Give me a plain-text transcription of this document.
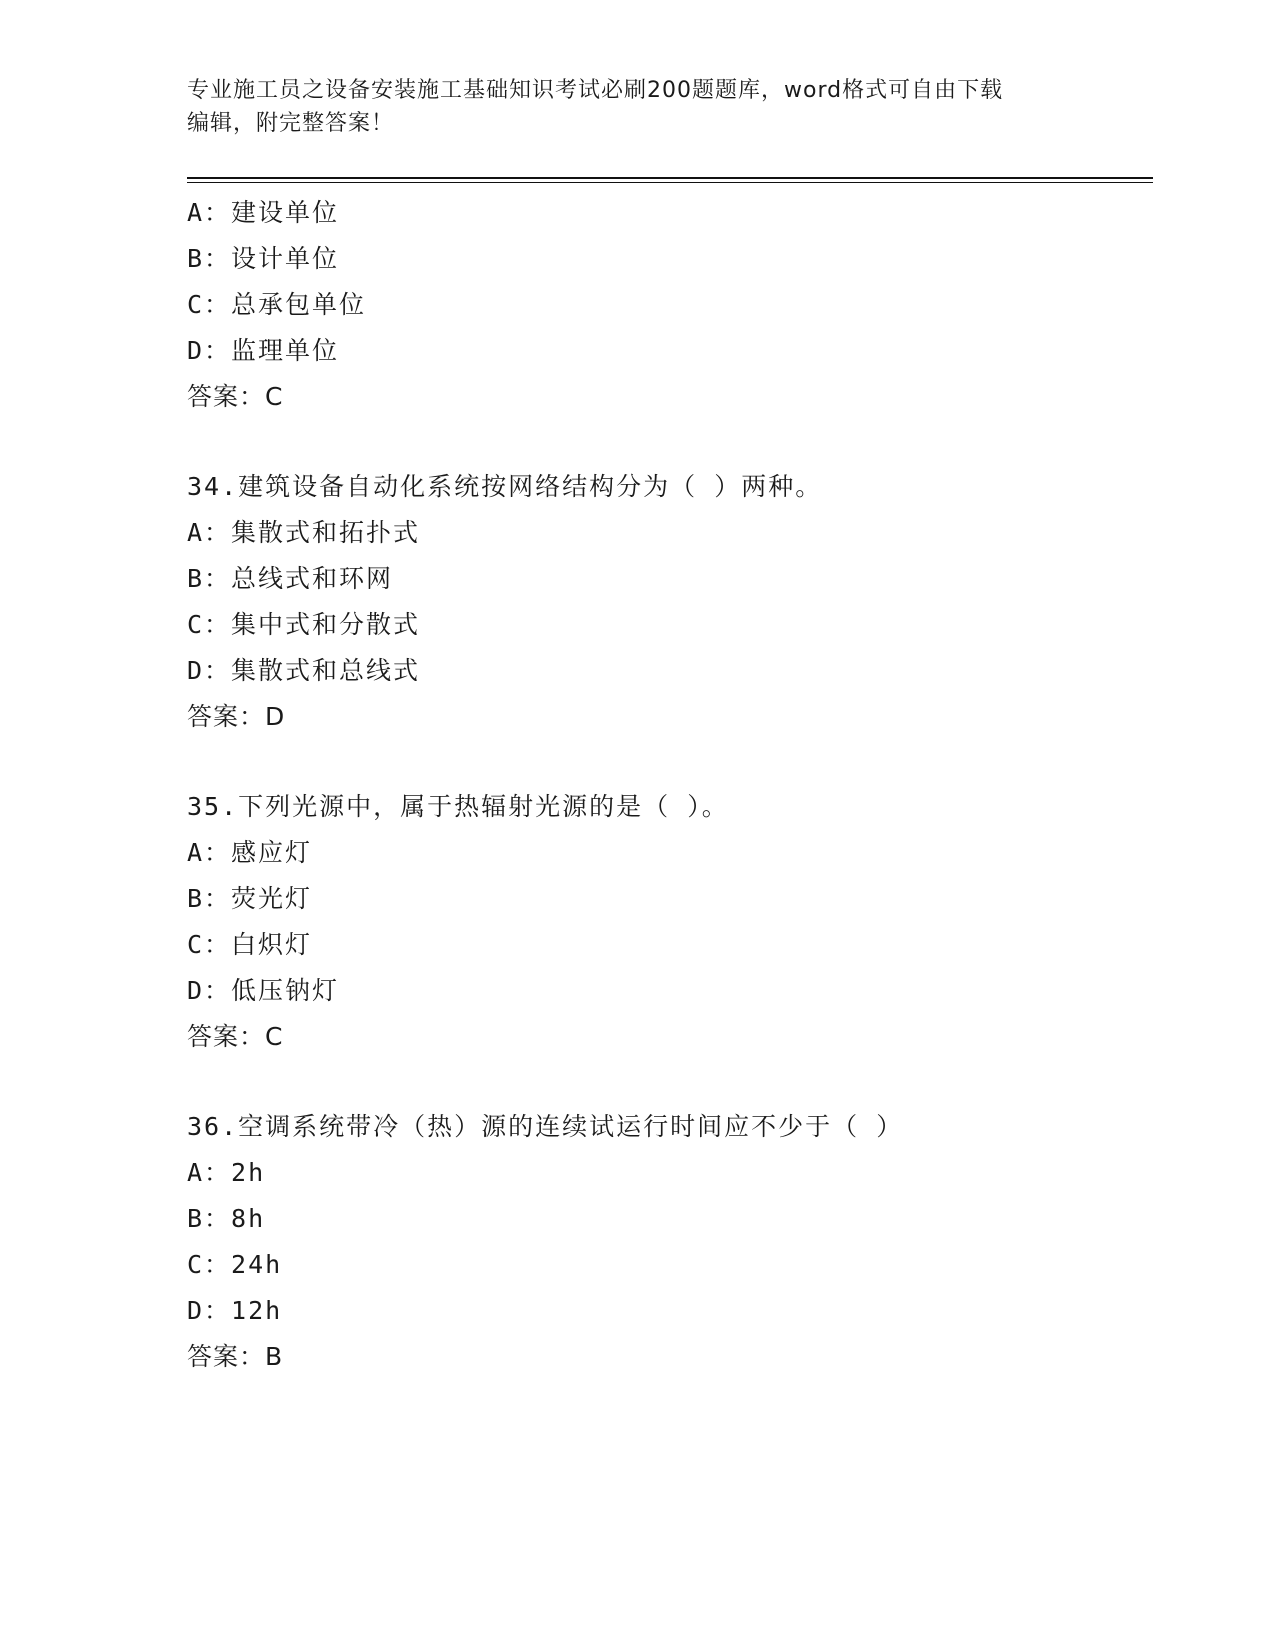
专业施工员之设备安装施工基础知识考试必刷200题题库，word格式可自由下载
编辑，附完整答案！
A：建设单位
B：设计单位
C：总承包单位
D：监理单位
答案：C
34.建筑设备自动化系统按网络结构分为（ ）两种。
A：集散式和拓扑式
B：总线式和环网
C：集中式和分散式
D：集散式和总线式
答案：D
35.下列光源中，属于热辐射光源的是（ ）。
A：感应灯
B：荧光灯
C：白炽灯
D：低压钠灯
答案：C
36.空调系统带冷（热）源的连续试运行时间应不少于（ ）
A：2h
B：8h
C：24h
D：12h
答案：B
